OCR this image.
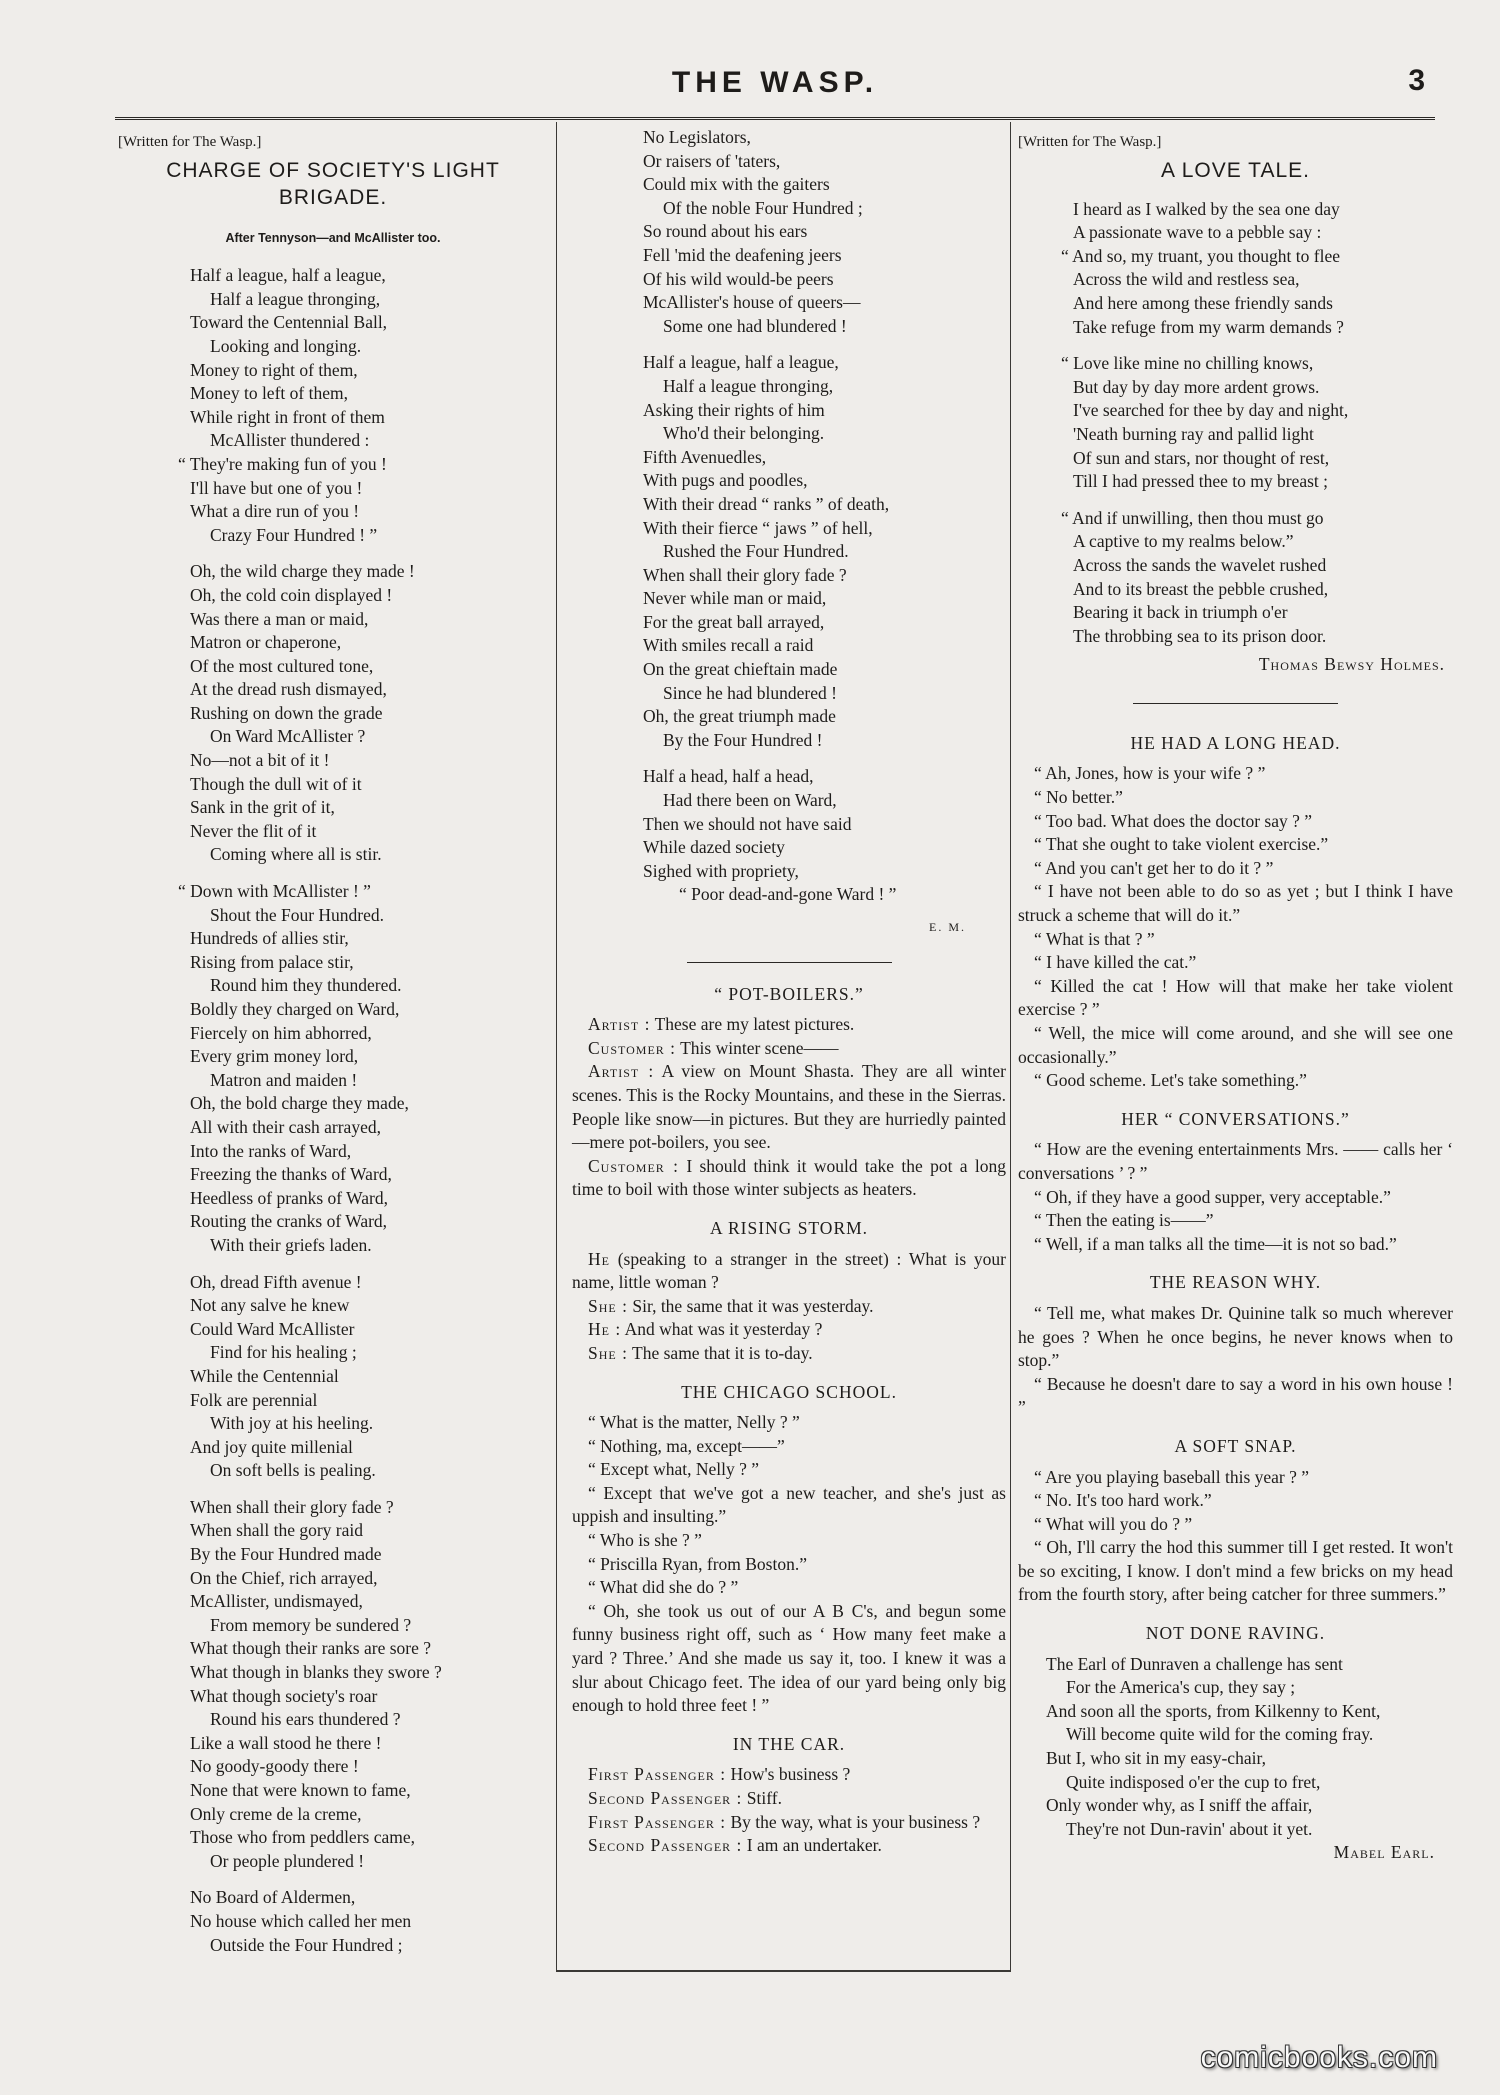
THE WASP.	3
[Written for The Wasp.]
CHARGE OF SOCIETY'S LIGHT
BRIGADE.
After Tennyson—and McAllister too.
Half a league, half a league,
Half a league thronging,
Toward the Centennial Ball,
Looking and longing.
Money to right of them,
Money to left of them,
While right in front of them
McAllister thundered :
“ They're making fun of you !
I'll have but one of you !
What a dire run of you !
Crazy Four Hundred ! ”
Oh, the wild charge they made !
Oh, the cold coin displayed !
Was there a man or maid,
Matron or chaperone,
Of the most cultured tone,
At the dread rush dismayed,
Rushing on down the grade
On Ward McAllister ?
No—not a bit of it !
Though the dull wit of it
Sank in the grit of it,
Never the flit of it
Coming where all is stir.
“ Down with McAllister ! ”
Shout the Four Hundred.
Hundreds of allies stir,
Rising from palace stir,
Round him they thundered.
Boldly they charged on Ward,
Fiercely on him abhorred,
Every grim money lord,
Matron and maiden !
Oh, the bold charge they made,
All with their cash arrayed,
Into the ranks of Ward,
Freezing the thanks of Ward,
Heedless of pranks of Ward,
Routing the cranks of Ward,
With their griefs laden.
Oh, dread Fifth avenue !
Not any salve he knew
Could Ward McAllister
Find for his healing ;
While the Centennial
Folk are perennial
With joy at his heeling.
And joy quite millenial
On soft bells is pealing.
When shall their glory fade ?
When shall the gory raid
By the Four Hundred made
On the Chief, rich arrayed,
McAllister, undismayed,
From memory be sundered ?
What though their ranks are sore ?
What though in blanks they swore ?
What though society's roar
Round his ears thundered ?
Like a wall stood he there !
No goody-goody there !
None that were known to fame,
Only creme de la creme,
Those who from peddlers came,
Or people plundered !
No Board of Aldermen,
No house which called her men
Outside the Four Hundred ;
No Legislators,
Or raisers of 'taters,
Could mix with the gaiters
Of the noble Four Hundred ;
So round about his ears
Fell 'mid the deafening jeers
Of his wild would-be peers
McAllister's house of queers—
Some one had blundered !
Half a league, half a league,
Half a league thronging,
Asking their rights of him
Who'd their belonging.
Fifth Avenuedles,
With pugs and poodles,
With their dread “ ranks ” of death,
With their fierce “ jaws ” of hell,
Rushed the Four Hundred.
When shall their glory fade ?
Never while man or maid,
For the great ball arrayed,
With smiles recall a raid
On the great chieftain made
Since he had blundered !
Oh, the great triumph made
By the Four Hundred !
Half a head, half a head,
Had there been on Ward,
Then we should not have said
While dazed society
Sighed with propriety,
“ Poor dead-and-gone Ward ! ”
E. M.
“ POT-BOILERS.”

Artist : These are my latest pictures.

Customer : This winter scene——

Artist : A view on Mount Shasta. They are all winter scenes. This is the Rocky Mountains, and these in the Sierras. People like snow—in pictures. But they are hurriedly painted—mere pot-boilers, you see.

Customer : I should think it would take the pot a long time to boil with those winter subjects as heaters.

A RISING STORM.

He (speaking to a stranger in the street) : What is your name, little woman ?

She : Sir, the same that it was yesterday.

He : And what was it yesterday ?

She : The same that it is to-day.

THE CHICAGO SCHOOL.

“ What is the matter, Nelly ? ”

“ Nothing, ma, except——”

“ Except what, Nelly ? ”

“ Except that we've got a new teacher, and she's just as uppish and insulting.”

“ Who is she ? ”

“ Priscilla Ryan, from Boston.”

“ What did she do ? ”

“ Oh, she took us out of our A B C's, and begun some funny business right off, such as ‘ How many feet make a yard ? Three.’ And she made us say it, too. I knew it was a slur about Chicago feet. The idea of our yard being only big enough to hold three feet ! ”

IN THE CAR.

First Passenger : How's business ?

Second Passenger : Stiff.

First Passenger : By the way, what is your business ?

Second Passenger : I am an undertaker.

[Written for The Wasp.]
A LOVE TALE.
I heard as I walked by the sea one day
A passionate wave to a pebble say :
“ And so, my truant, you thought to flee
Across the wild and restless sea,
And here among these friendly sands
Take refuge from my warm demands ?
“ Love like mine no chilling knows,
But day by day more ardent grows.
I've searched for thee by day and night,
'Neath burning ray and pallid light
Of sun and stars, nor thought of rest,
Till I had pressed thee to my breast ;
“ And if unwilling, then thou must go
A captive to my realms below.”
Across the sands the wavelet rushed
And to its breast the pebble crushed,
Bearing it back in triumph o'er
The throbbing sea to its prison door.
Thomas Bewsy Holmes.
HE HAD A LONG HEAD.

“ Ah, Jones, how is your wife ? ”

“ No better.”

“ Too bad. What does the doctor say ? ”

“ That she ought to take violent exercise.”

“ And you can't get her to do it ? ”

“ I have not been able to do so as yet ; but I think I have struck a scheme that will do it.”

“ What is that ? ”

“ I have killed the cat.”

“ Killed the cat ! How will that make her take violent exercise ? ”

“ Well, the mice will come around, and she will see one occasionally.”

“ Good scheme. Let's take something.”

HER “ CONVERSATIONS.”

“ How are the evening entertainments Mrs. —— calls her ‘ conversations ’ ? ”

“ Oh, if they have a good supper, very acceptable.”

“ Then the eating is——”

“ Well, if a man talks all the time—it is not so bad.”

THE REASON WHY.

“ Tell me, what makes Dr. Quinine talk so much wherever he goes ? When he once begins, he never knows when to stop.”

“ Because he doesn't dare to say a word in his own house ! ”

A SOFT SNAP.

“ Are you playing baseball this year ? ”

“ No. It's too hard work.”

“ What will you do ? ”

“ Oh, I'll carry the hod this summer till I get rested. It won't be so exciting, I know. I don't mind a few bricks on my head from the fourth story, after being catcher for three summers.”

NOT DONE RAVING.
The Earl of Dunraven a challenge has sent
For the America's cup, they say ;
And soon all the sports, from Kilkenny to Kent,
Will become quite wild for the coming fray.
But I, who sit in my easy-chair,
Quite indisposed o'er the cup to fret,
Only wonder why, as I sniff the affair,
They're not Dun-ravin' about it yet.
Mabel Earl.
comicbooks.com
